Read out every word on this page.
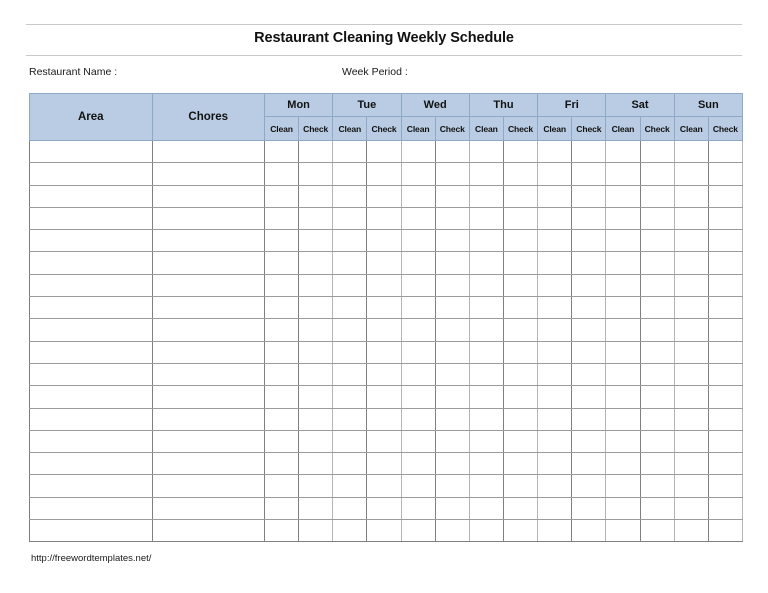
Restaurant Cleaning Weekly Schedule
Restaurant Name :	Week Period :
Area	Chores	Mon		Tue		Wed		Thu		Fri		Sat		Sun	
		Clean	Check	Clean	Check	Clean	Check	Clean	Check	Clean	Check	Clean	Check	Clean	Check

http://freewordtemplates.net/
